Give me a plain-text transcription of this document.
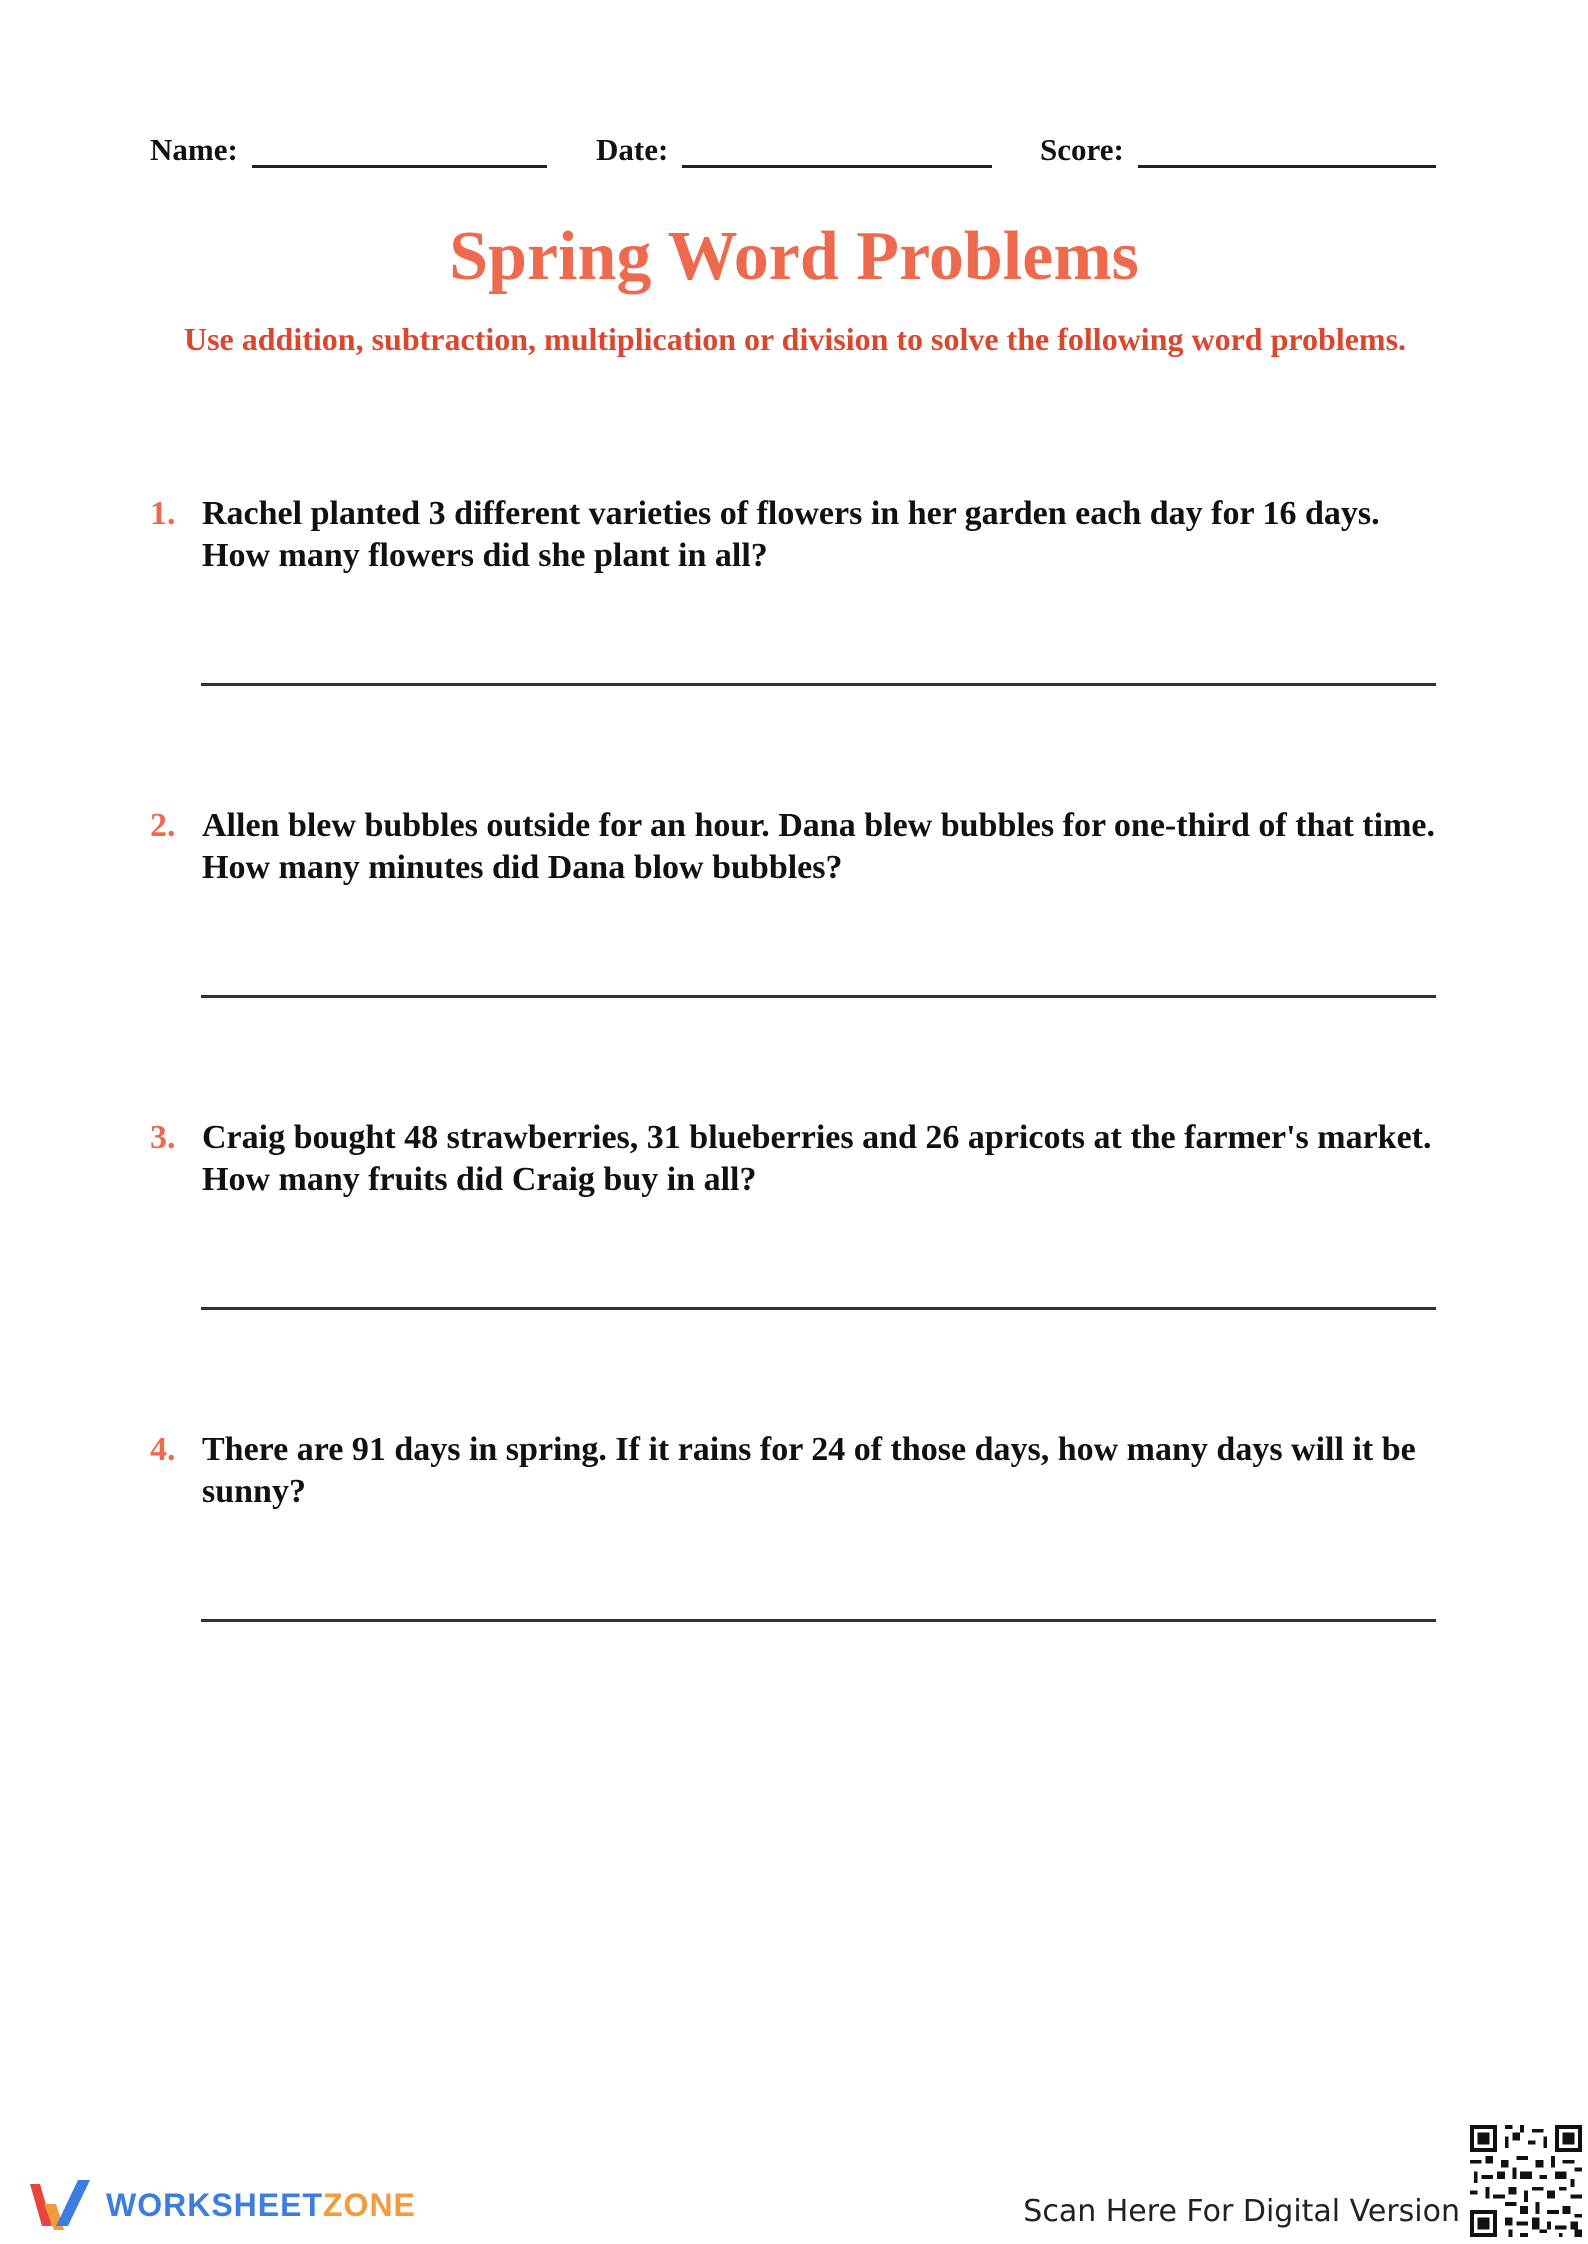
Name:	Date:	Score:
Spring Word Problems
Use addition, subtraction, multiplication or division to solve the following word problems.
1. Rachel planted 3 different varieties of flowers in her garden each day for 16 days. How many flowers did she plant in all?
2. Allen blew bubbles outside for an hour. Dana blew bubbles for one-third of that time. How many minutes did Dana blow bubbles?
3. Craig bought 48 strawberries, 31 blueberries and 26 apricots at the farmer's market. How many fruits did Craig buy in all?
4. There are 91 days in spring. If it rains for 24 of those days, how many days will it be sunny?
WORKSHEETZONE	Scan Here For Digital Version
